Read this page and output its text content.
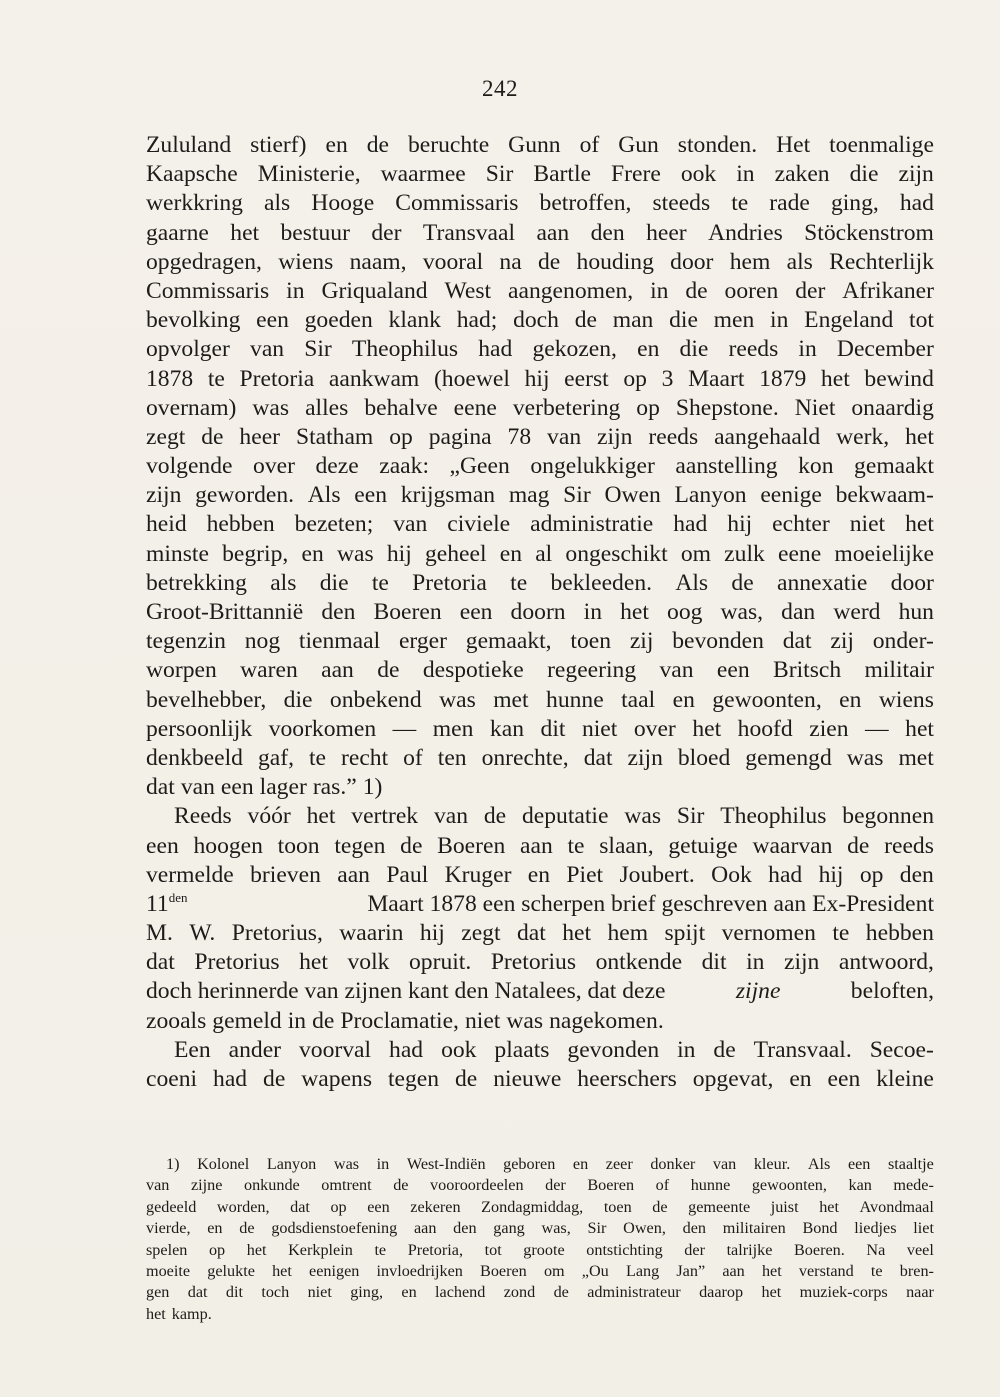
242
Zululand stierf) en de beruchte Gunn of Gun stonden. Het toenmalige
Kaapsche Ministerie, waarmee Sir Bartle Frere ook in zaken die zijn
werkkring als Hooge Commissaris betroffen, steeds te rade ging, had
gaarne het bestuur der Transvaal aan den heer Andries Stöckenstrom
opgedragen, wiens naam, vooral na de houding door hem als Rechterlijk
Commissaris in Griqualand West aangenomen, in de ooren der Afrikaner
bevolking een goeden klank had; doch de man die men in Engeland tot
opvolger van Sir Theophilus had gekozen, en die reeds in December
1878 te Pretoria aankwam (hoewel hij eerst op 3 Maart 1879 het bewind
overnam) was alles behalve eene verbetering op Shepstone. Niet onaardig
zegt de heer Statham op pagina 78 van zijn reeds aangehaald werk, het
volgende over deze zaak: „Geen ongelukkiger aanstelling kon gemaakt
zijn geworden. Als een krijgsman mag Sir Owen Lanyon eenige bekwaam-
heid hebben bezeten; van civiele administratie had hij echter niet het
minste begrip, en was hij geheel en al ongeschikt om zulk eene moeielijke
betrekking als die te Pretoria te bekleeden. Als de annexatie door
Groot-Brittannië den Boeren een doorn in het oog was, dan werd hun
tegenzin nog tienmaal erger gemaakt, toen zij bevonden dat zij onder-
worpen waren aan de despotieke regeering van een Britsch militair
bevelhebber, die onbekend was met hunne taal en gewoonten, en wiens
persoonlijk voorkomen — men kan dit niet over het hoofd zien — het
denkbeeld gaf, te recht of ten onrechte, dat zijn bloed gemengd was met
dat van een lager ras.” 1)
Reeds vóór het vertrek van de deputatie was Sir Theophilus begonnen
een hoogen toon tegen de Boeren aan te slaan, getuige waarvan de reeds
vermelde brieven aan Paul Kruger en Piet Joubert. Ook had hij op den
$11^{den}$	Maart 1878 een scherpen brief geschreven aan Ex-President
M. W. Pretorius, waarin hij zegt dat het hem spijt vernomen te hebben
dat Pretorius het volk opruit. Pretorius ontkende dit in zijn antwoord,
doch herinnerde van zijnen kant den Natalees, dat deze	zijne	beloften,
zooals gemeld in de Proclamatie, niet was nagekomen.
Een ander voorval had ook plaats gevonden in de Transvaal. Secoe-
coeni had de wapens tegen de nieuwe heerschers opgevat, en een kleine
1) Kolonel Lanyon was in West-Indiën geboren en zeer donker van kleur. Als een staaltje
van zijne onkunde omtrent de vooroordeelen der Boeren of hunne gewoonten, kan mede-
gedeeld worden, dat op een zekeren Zondagmiddag, toen de gemeente juist het Avondmaal
vierde, en de godsdienstoefening aan den gang was, Sir Owen, den militairen Bond liedjes liet
spelen op het Kerkplein te Pretoria, tot groote ontstichting der talrijke Boeren. Na veel
moeite gelukte het eenigen invloedrijken Boeren om „Ou Lang Jan” aan het verstand te bren-
gen dat dit toch niet ging, en lachend zond de administrateur daarop het muziek-corps naar
het kamp.
